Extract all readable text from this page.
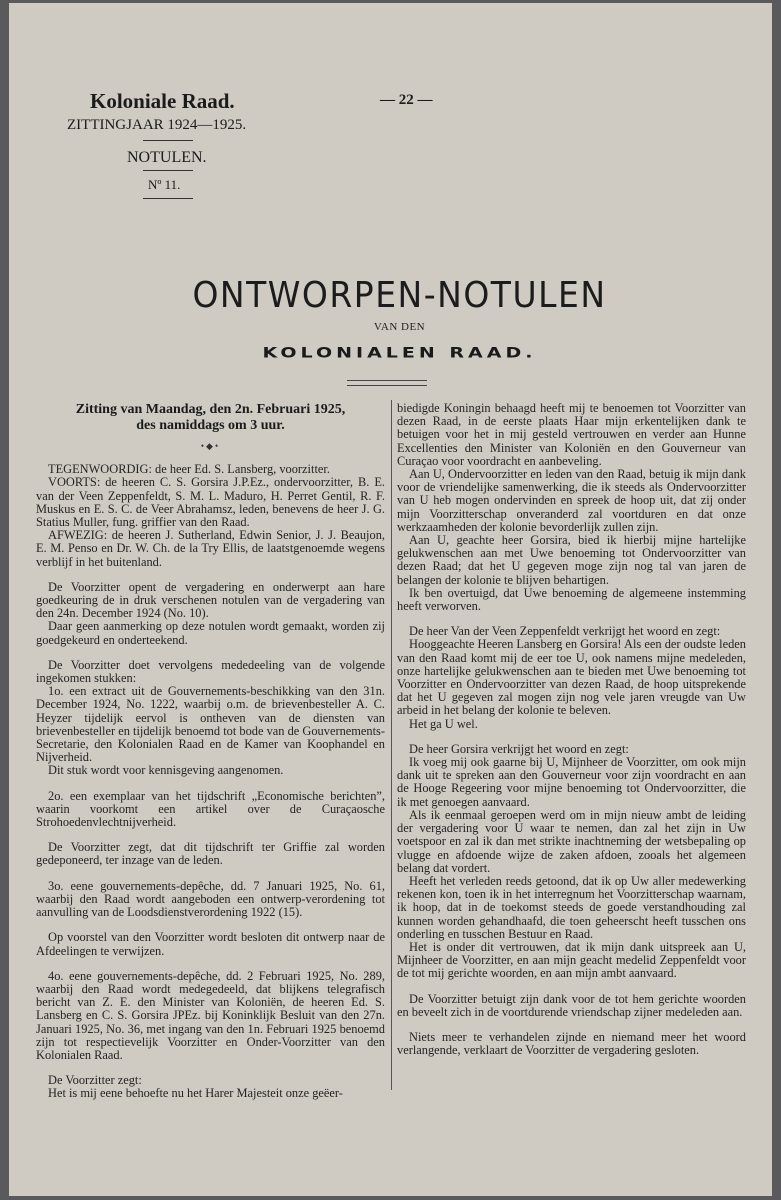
Koloniale Raad.
ZITTINGJAAR 1924—1925.
— 22 —
NOTULEN.
Nº 11.
ONTWORPEN-NOTULEN
VAN DEN
KOLONIALEN RAAD.
Zitting van Maandag, den 2n. Februari 1925,
des namiddags om 3 uur.
•◆•

TEGENWOORDIG: de heer Ed. S. Lansberg, voorzitter.

VOORTS: de heeren C. S. Gorsira J.P.Ez., ondervoorzitter, B. E. van der Veen Zeppenfeldt, S. M. L. Maduro, H. Perret Gentil, R. F. Muskus en E. S. C. de Veer Abrahamsz, leden, benevens de heer J. G. Statius Muller, fung. griffier van den Raad.

AFWEZIG: de heeren J. Sutherland, Edwin Senior, J. J. Beaujon, E. M. Penso en Dr. W. Ch. de la Try Ellis, de laatstgenoemde wegens verblijf in het buitenland.

De Voorzitter opent de vergadering en onderwerpt aan hare goedkeuring de in druk verschenen notulen van de vergadering van den 24n. December 1924 (No. 10).

Daar geen aanmerking op deze notulen wordt gemaakt, worden zij goedgekeurd en onderteekend.

De Voorzitter doet vervolgens mededeeling van de volgende ingekomen stukken:

1o. een extract uit de Gouvernements-beschikking van den 31n. December 1924, No. 1222, waarbij o.m. de brievenbesteller A. C. Heyzer tijdelijk eervol is ontheven van de diensten van brievenbesteller en tijdelijk benoemd tot bode van de Gouvernements-Secretarie, den Kolonialen Raad en de Kamer van Koophandel en Nijverheid.

Dit stuk wordt voor kennisgeving aangenomen.

2o. een exemplaar van het tijdschrift „Economische berichten”, waarin voorkomt een artikel over de Curaçaosche Strohoedenvlechtnijverheid.

De Voorzitter zegt, dat dit tijdschrift ter Griffie zal worden gedeponeerd, ter inzage van de leden.

3o. eene gouvernements-depêche, dd. 7 Januari 1925, No. 61, waarbij den Raad wordt aangeboden een ontwerp-verordening tot aanvulling van de Loodsdienstverordening 1922 (15).

Op voorstel van den Voorzitter wordt besloten dit ontwerp naar de Afdeelingen te verwijzen.

4o. eene gouvernements-depêche, dd. 2 Februari 1925, No. 289, waarbij den Raad wordt medegedeeld, dat blijkens telegrafisch bericht van Z. E. den Minister van Koloniën, de heeren Ed. S. Lansberg en C. S. Gorsira JPEz. bij Koninklijk Besluit van den 27n. Januari 1925, No. 36, met ingang van den 1n. Februari 1925 benoemd zijn tot respectievelijk Voorzitter en Onder-Voorzitter van den Kolonialen Raad.

De Voorzitter zegt:

Het is mij eene behoefte nu het Harer Majesteit onze geëer-

biedigde Koningin behaagd heeft mij te benoemen tot Voorzitter van dezen Raad, in de eerste plaats Haar mijn erkentelijken dank te betuigen voor het in mij gesteld vertrouwen en verder aan Hunne Excellenties den Minister van Koloniën en den Gouverneur van Curaçao voor voordracht en aanbeveling.

Aan U, Ondervoorzitter en leden van den Raad, betuig ik mijn dank voor de vriendelijke samenwerking, die ik steeds als Ondervoorzitter van U heb mogen ondervinden en spreek de hoop uit, dat zij onder mijn Voorzitterschap onveranderd zal voortduren en dat onze werkzaamheden der kolonie bevorderlijk zullen zijn.

Aan U, geachte heer Gorsira, bied ik hierbij mijne hartelijke gelukwenschen aan met Uwe benoeming tot Ondervoorzitter van dezen Raad; dat het U gegeven moge zijn nog tal van jaren de belangen der kolonie te blijven behartigen.

Ik ben overtuigd, dat Uwe benoeming de algemeene instemming heeft verworven.

De heer Van der Veen Zeppenfeldt verkrijgt het woord en zegt:

Hooggeachte Heeren Lansberg en Gorsira! Als een der oudste leden van den Raad komt mij de eer toe U, ook namens mijne medeleden, onze hartelijke gelukwenschen aan te bieden met Uwe benoeming tot Voorzitter en Ondervoorzitter van dezen Raad, de hoop uitsprekende dat het U gegeven zal mogen zijn nog vele jaren vreugde van Uw arbeid in het belang der kolonie te beleven.

Het ga U wel.

De heer Gorsira verkrijgt het woord en zegt:

Ik voeg mij ook gaarne bij U, Mijnheer de Voorzitter, om ook mijn dank uit te spreken aan den Gouverneur voor zijn voordracht en aan de Hooge Regeering voor mijne benoeming tot Ondervoorzitter, die ik met genoegen aanvaard.

Als ik eenmaal geroepen werd om in mijn nieuw ambt de leiding der vergadering voor U waar te nemen, dan zal het zijn in Uw voetspoor en zal ik dan met strikte inachtneming der wetsbepaling op vlugge en afdoende wijze de zaken afdoen, zooals het algemeen belang dat vordert.

Heeft het verleden reeds getoond, dat ik op Uw aller medewerking rekenen kon, toen ik in het interregnum het Voorzitterschap waarnam, ik hoop, dat in de toekomst steeds de goede verstandhouding zal kunnen worden gehandhaafd, die toen geheerscht heeft tusschen ons onderling en tusschen Bestuur en Raad.

Het is onder dit vertrouwen, dat ik mijn dank uitspreek aan U, Mijnheer de Voorzitter, en aan mijn geacht medelid Zeppenfeldt voor de tot mij gerichte woorden, en aan mijn ambt aanvaard.

De Voorzitter betuigt zijn dank voor de tot hem gerichte woorden en beveelt zich in de voortdurende vriendschap zijner medeleden aan.

Niets meer te verhandelen zijnde en niemand meer het woord verlangende, verklaart de Voorzitter de vergadering gesloten.
